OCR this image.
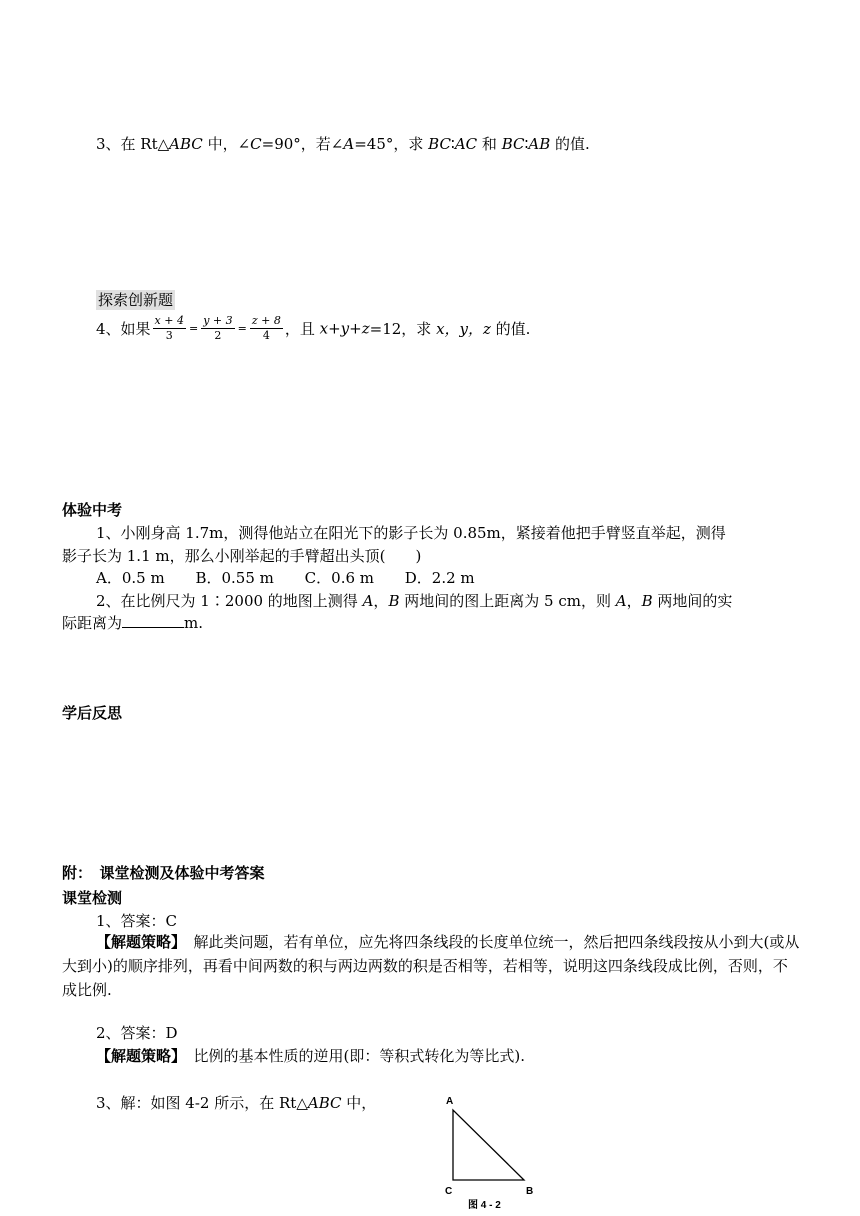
3、在 Rt△ABC 中，∠C=90°，若∠A=45°，求 BC∶AC 和 BC∶AB 的值.
探索创新题
4、如果 $\frac{x + 4}{3} = \frac{y + 3}{2} = \frac{z + 8}{4}$ ，且 x+y+z=12，求 x，y，z 的值.
体验中考
1、小刚身高 1.7m，测得他站立在阳光下的影子长为 0.85m，紧接着他把手臂竖直举起，测得
影子长为 1.1 m，那么小刚举起的手臂超出头顶(　　)
A．0.5 m B．0.55 m C．0.6 m D．2.2 m
2、在比例尺为 1∶2000 的地图上测得 A，B 两地间的图上距离为 5 cm，则 A，B 两地间的实
际距离为	m.
学后反思
附：　课堂检测及体验中考答案
课堂检测
1、答案：C
【解题策略】　解此类问题，若有单位，应先将四条线段的长度单位统一，然后把四条线段按从小到大(或从大到小)的顺序排列，再看中间两数的积与两边两数的积是否相等，若相等，说明这四条线段成比例，否则，不成比例.
2、答案：D
【解题策略】　比例的基本性质的逆用(即：等积式转化为等比式).
3、解：如图 4-2 所示，在 Rt△ABC 中，	A
C	B
图 4 - 2
